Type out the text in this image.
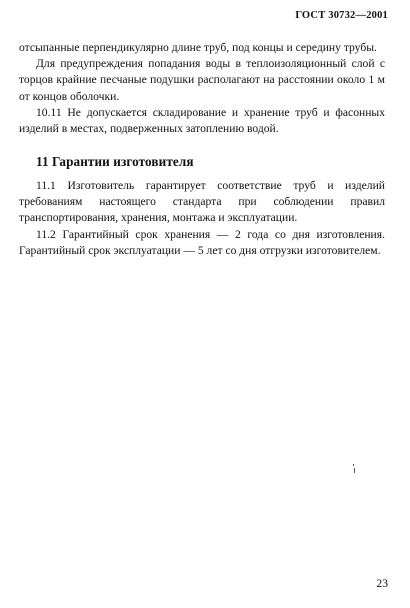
ГОСТ 30732—2001

отсыпанные перпендикулярно длине труб, под концы и середину трубы.

Для предупреждения попадания воды в теплоизоляционный слой с торцов крайние песчаные подушки располагают на расстоянии около 1 м от концов оболочки.

10.11 Не допускается складирование и хранение труб и фасонных изделий в местах, подверженных затоплению водой.

11 Гарантии изготовителя

11.1 Изготовитель гарантирует соответствие труб и изделий требованиям настоящего стандарта при соблюдении правил транспортирования, хранения, монтажа и эксплуатации.

11.2 Гарантийный срок хранения — 2 года со дня изготовления. Гарантийный срок эксплуатации — 5 лет со дня отгрузки изготовителем.

23
